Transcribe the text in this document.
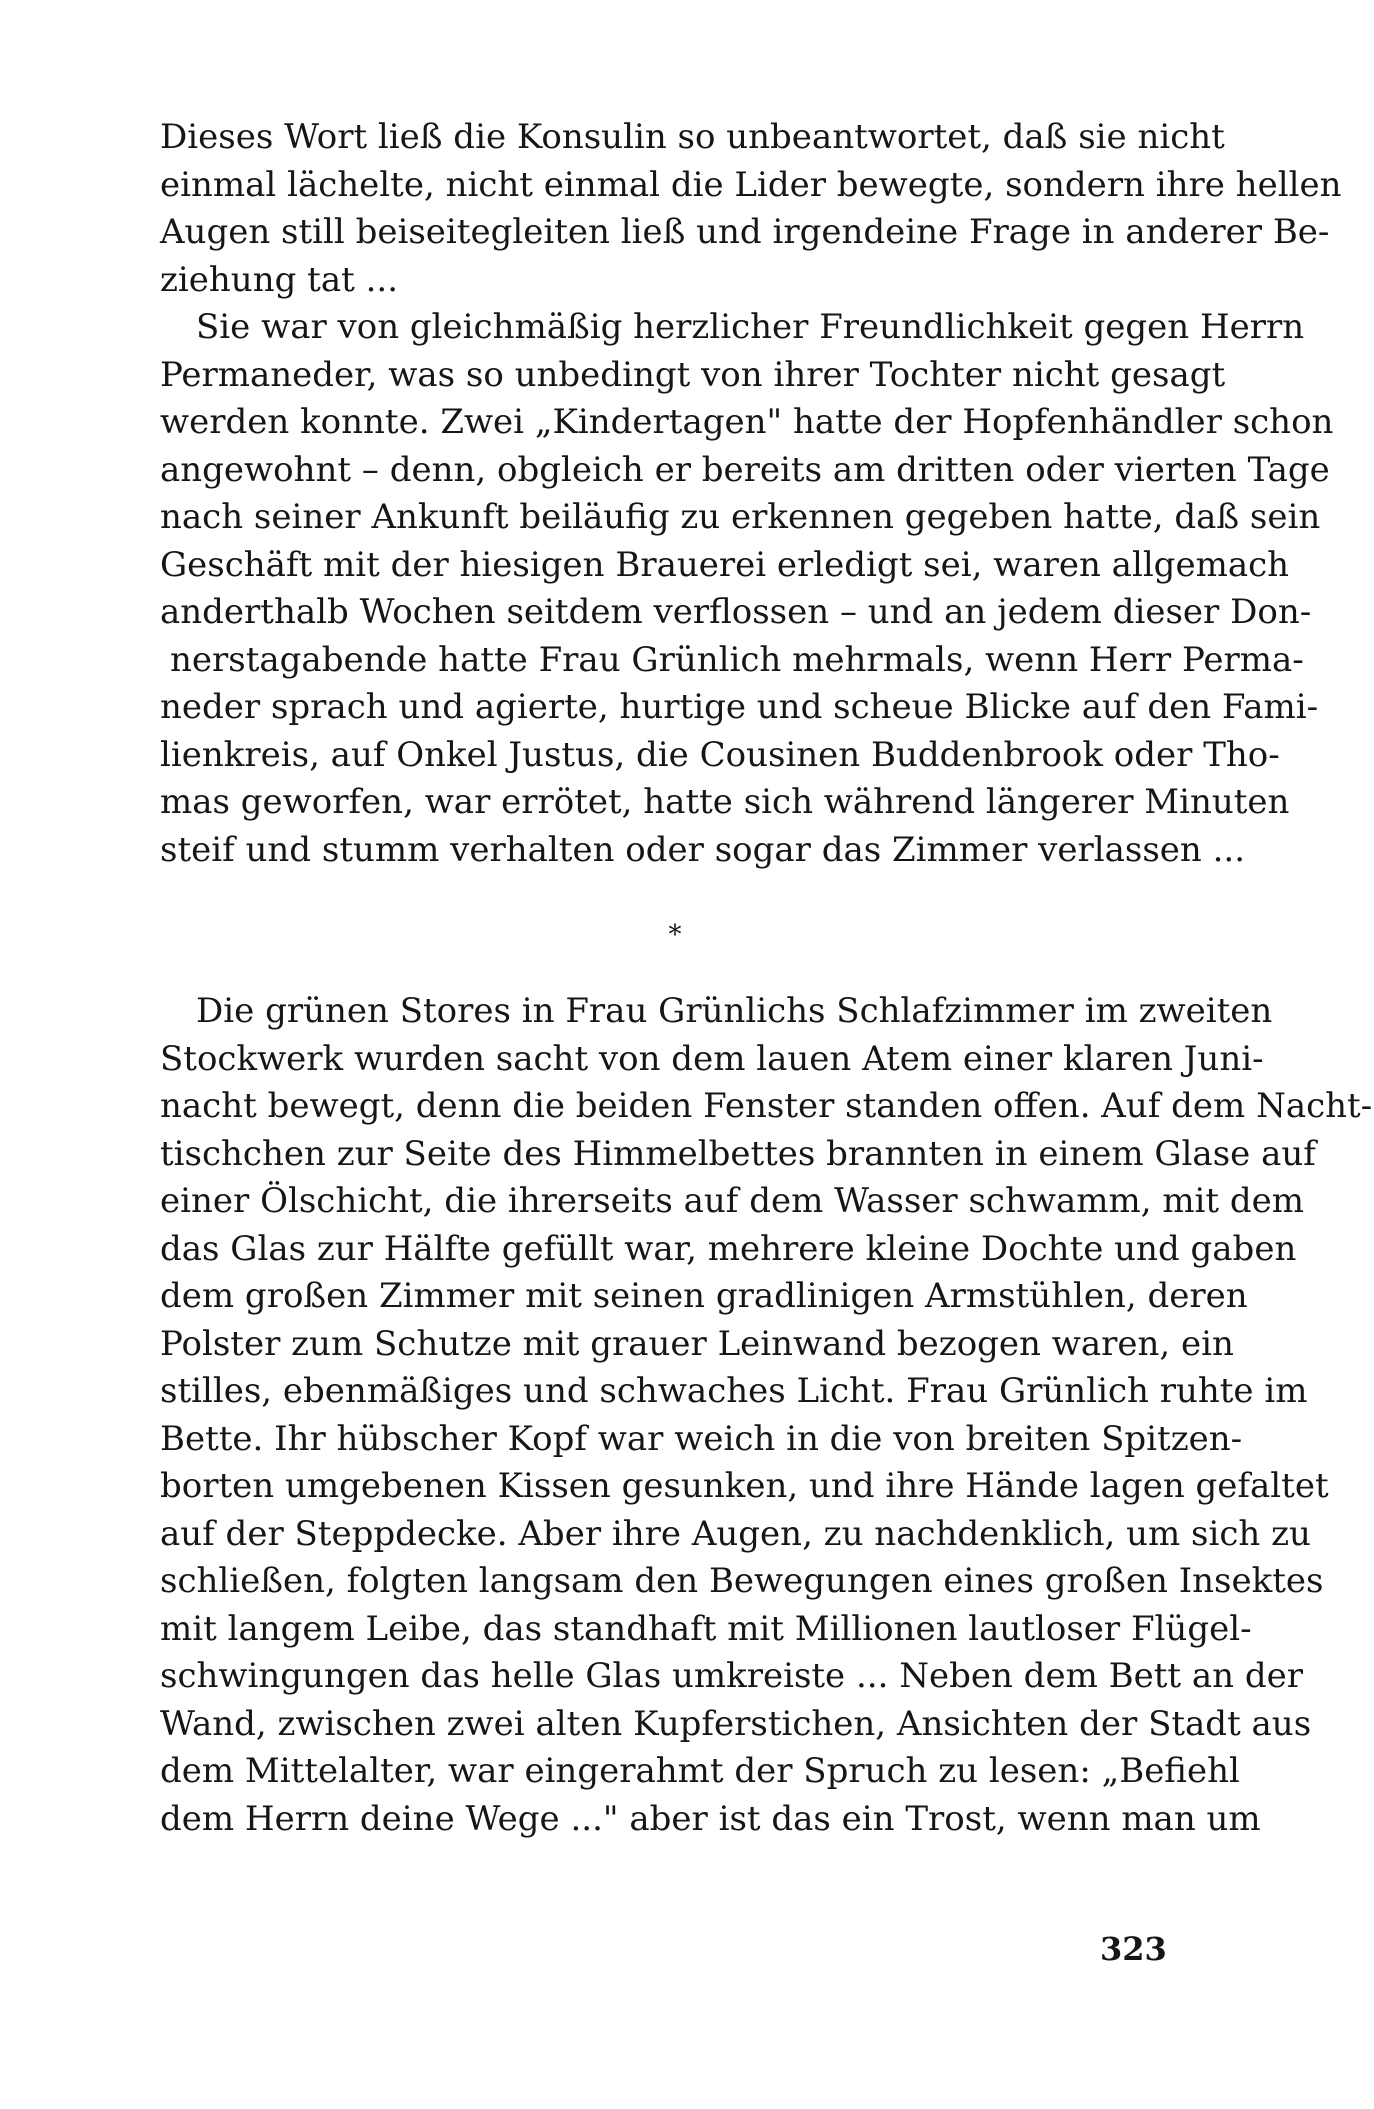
Dieses Wort ließ die Konsulin so unbeantwortet, daß sie nicht
einmal lächelte, nicht einmal die Lider bewegte, sondern ihre hellen
Augen still beiseitegleiten ließ und irgendeine Frage in anderer Be-
ziehung tat ...
Sie war von gleichmäßig herzlicher Freundlichkeit gegen Herrn
Permaneder, was so unbedingt von ihrer Tochter nicht gesagt
werden konnte. Zwei „Kindertagen" hatte der Hopfenhändler schon
angewohnt – denn, obgleich er bereits am dritten oder vierten Tage
nach seiner Ankunft beiläufig zu erkennen gegeben hatte, daß sein
Geschäft mit der hiesigen Brauerei erledigt sei, waren allgemach
anderthalb Wochen seitdem verflossen – und an jedem dieser Don-
nerstagabende hatte Frau Grünlich mehrmals, wenn Herr Perma-
neder sprach und agierte, hurtige und scheue Blicke auf den Fami-
lienkreis, auf Onkel Justus, die Cousinen Buddenbrook oder Tho-
mas geworfen, war errötet, hatte sich während längerer Minuten
steif und stumm verhalten oder sogar das Zimmer verlassen ...
*
Die grünen Stores in Frau Grünlichs Schlafzimmer im zweiten
Stockwerk wurden sacht von dem lauen Atem einer klaren Juni-
nacht bewegt, denn die beiden Fenster standen offen. Auf dem Nacht-
tischchen zur Seite des Himmelbettes brannten in einem Glase auf
einer Ölschicht, die ihrerseits auf dem Wasser schwamm, mit dem
das Glas zur Hälfte gefüllt war, mehrere kleine Dochte und gaben
dem großen Zimmer mit seinen gradlinigen Armstühlen, deren
Polster zum Schutze mit grauer Leinwand bezogen waren, ein
stilles, ebenmäßiges und schwaches Licht. Frau Grünlich ruhte im
Bette. Ihr hübscher Kopf war weich in die von breiten Spitzen-
borten umgebenen Kissen gesunken, und ihre Hände lagen gefaltet
auf der Steppdecke. Aber ihre Augen, zu nachdenklich, um sich zu
schließen, folgten langsam den Bewegungen eines großen Insektes
mit langem Leibe, das standhaft mit Millionen lautloser Flügel-
schwingungen das helle Glas umkreiste ... Neben dem Bett an der
Wand, zwischen zwei alten Kupferstichen, Ansichten der Stadt aus
dem Mittelalter, war eingerahmt der Spruch zu lesen: „Befiehl
dem Herrn deine Wege ..." aber ist das ein Trost, wenn man um
323
